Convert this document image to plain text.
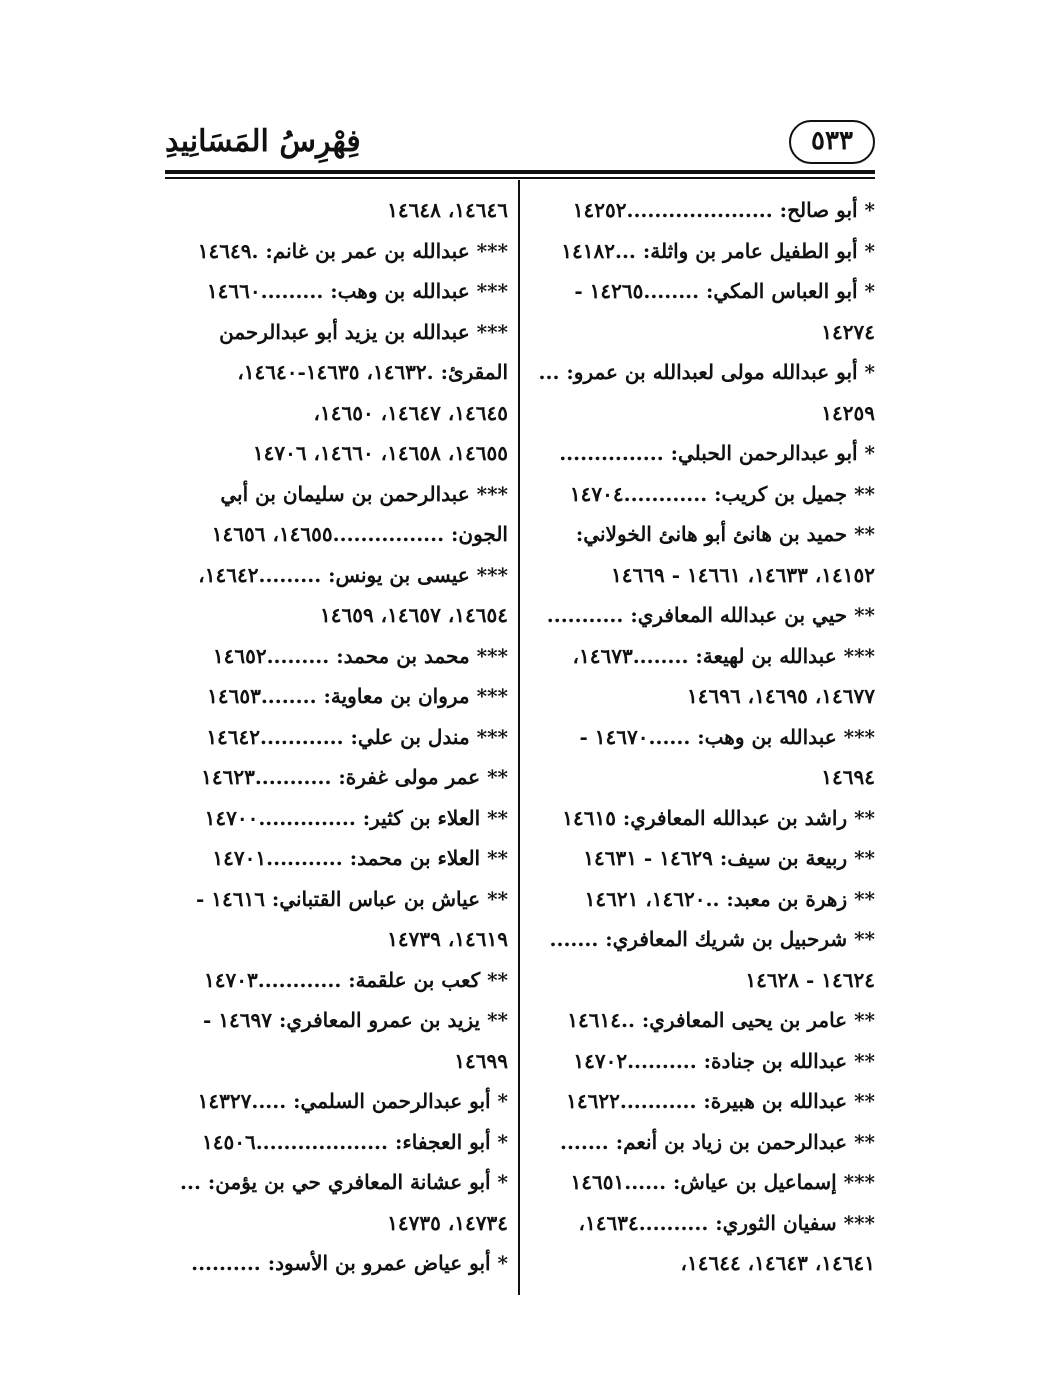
٥٣٣
فِهْرِسُ المَسَانِيدِ
* أبو صالح: .....................١٤٢٥٢
* أبو الطفيل عامر بن واثلة: ...١٤١٨٢
* أبو العباس المكي: ........١٤٢٦٥ -
١٤٢٧٤
* أبو عبدالله مولى لعبدالله بن عمرو: ...
١٤٢٥٩
* أبو عبدالرحمن الحبلي: ...............
** جميل بن كريب: ............١٤٧٠٤
** حميد بن هانئ أبو هانئ الخولاني:
١٤١٥٢، ١٤٦٣٣، ١٤٦٦١ - ١٤٦٦٩
** حيي بن عبدالله المعافري: ...........
*** عبدالله بن لهيعة: ........١٤٦٧٣،
١٤٦٧٧، ١٤٦٩٥، ١٤٦٩٦
*** عبدالله بن وهب: ......١٤٦٧٠ -
١٤٦٩٤
** راشد بن عبدالله المعافري: ١٤٦١٥
** ربيعة بن سيف: ١٤٦٢٩ - ١٤٦٣١
** زهرة بن معبد: ..١٤٦٢٠، ١٤٦٢١
** شرحبيل بن شريك المعافري: .......
١٤٦٢٤ - ١٤٦٢٨
** عامر بن يحيى المعافري: ..١٤٦١٤
** عبدالله بن جنادة: ..........١٤٧٠٢
** عبدالله بن هبيرة: ...........١٤٦٢٢
** عبدالرحمن بن زياد بن أنعم: .......
*** إسماعيل بن عياش: ......١٤٦٥١
*** سفيان الثوري: ..........١٤٦٣٤،
١٤٦٤١، ١٤٦٤٣، ١٤٦٤٤،
١٤٦٤٦، ١٤٦٤٨
*** عبدالله بن عمر بن غانم: .١٤٦٤٩
*** عبدالله بن وهب: .........١٤٦٦٠
*** عبدالله بن يزيد أبو عبدالرحمن
المقرئ: .١٤٦٣٢، ١٤٦٣٥-١٤٦٤٠،
١٤٦٤٥، ١٤٦٤٧، ١٤٦٥٠،
١٤٦٥٥، ١٤٦٥٨، ١٤٦٦٠، ١٤٧٠٦
*** عبدالرحمن بن سليمان بن أبي
الجون: ................١٤٦٥٥، ١٤٦٥٦
*** عيسى بن يونس: .........١٤٦٤٢،
١٤٦٥٤، ١٤٦٥٧، ١٤٦٥٩
*** محمد بن محمد: .........١٤٦٥٢
*** مروان بن معاوية: ........١٤٦٥٣
*** مندل بن علي: ............١٤٦٤٢
** عمر مولى غفرة: ...........١٤٦٢٣
** العلاء بن كثير: ..............١٤٧٠٠
** العلاء بن محمد: ...........١٤٧٠١
** عياش بن عباس القتباني: ١٤٦١٦ -
١٤٦١٩، ١٤٧٣٩
** كعب بن علقمة: ............١٤٧٠٣
** يزيد بن عمرو المعافري: ١٤٦٩٧ -
١٤٦٩٩
* أبو عبدالرحمن السلمي: .....١٤٣٢٧
* أبو العجفاء: ...................١٤٥٠٦
* أبو عشانة المعافري حي بن يؤمن: ...
١٤٧٣٤، ١٤٧٣٥
* أبو عياض عمرو بن الأسود: ..........
